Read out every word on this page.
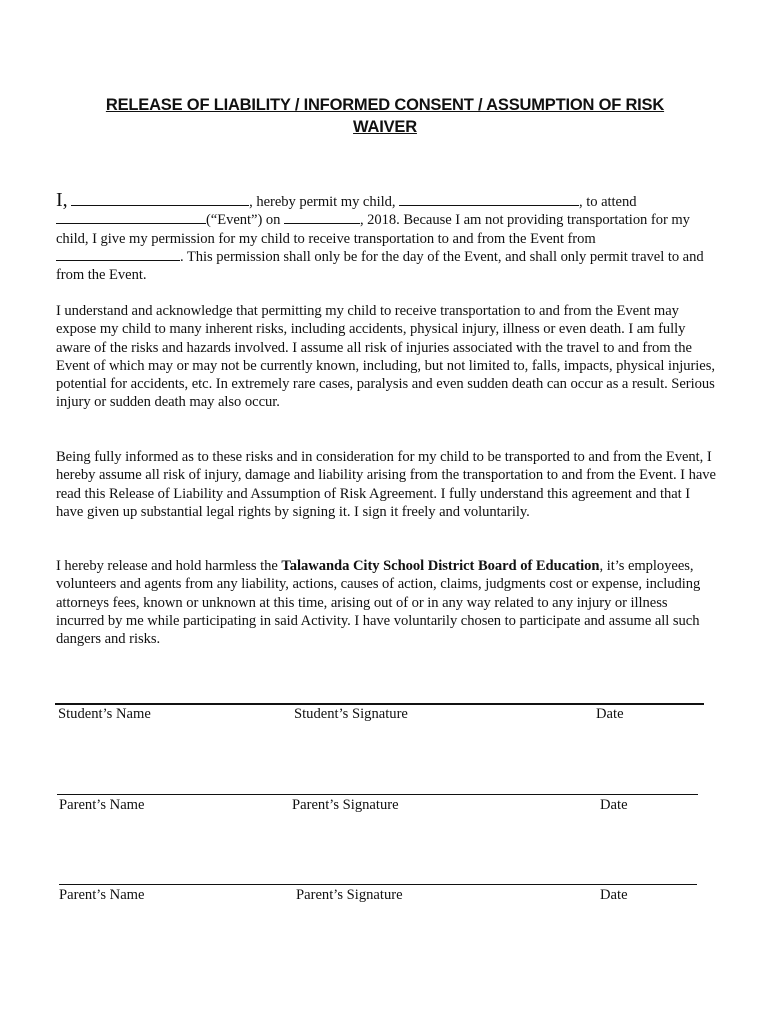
RELEASE OF LIABILITY / INFORMED CONSENT / ASSUMPTION OF RISK
WAIVER
I,	, hereby permit my child,	, to attend
(“Event”) on	, 2018. Because I am not providing transportation for my child, I give my permission for my child to receive transportation to and from the Event from . This permission shall only be for the day of the Event, and shall only permit travel to and from the Event.
I understand and acknowledge that permitting my child to receive transportation to and from the Event may expose my child to many inherent risks, including accidents, physical injury, illness or even death. I am fully aware of the risks and hazards involved. I assume all risk of injuries associated with the travel to and from the Event of which may or may not be currently known, including, but not limited to, falls, impacts, physical injuries, potential for accidents, etc. In extremely rare cases, paralysis and even sudden death can occur as a result. Serious injury or sudden death may also occur.
Being fully informed as to these risks and in consideration for my child to be transported to and from the Event, I hereby assume all risk of injury, damage and liability arising from the transportation to and from the Event. I have read this Release of Liability and Assumption of Risk Agreement. I fully understand this agreement and that I have given up substantial legal rights by signing it. I sign it freely and voluntarily.
I hereby release and hold harmless the Talawanda City School District Board of Education, it’s employees, volunteers and agents from any liability, actions, causes of action, claims, judgments cost or expense, including attorneys fees, known or unknown at this time, arising out of or in any way related to any injury or illness incurred by me while participating in said Activity. I have voluntarily chosen to participate and assume all such dangers and risks.
Student’s Name	Student’s Signature	Date
Parent’s Name	Parent’s Signature	Date
Parent’s Name	Parent’s Signature	Date
